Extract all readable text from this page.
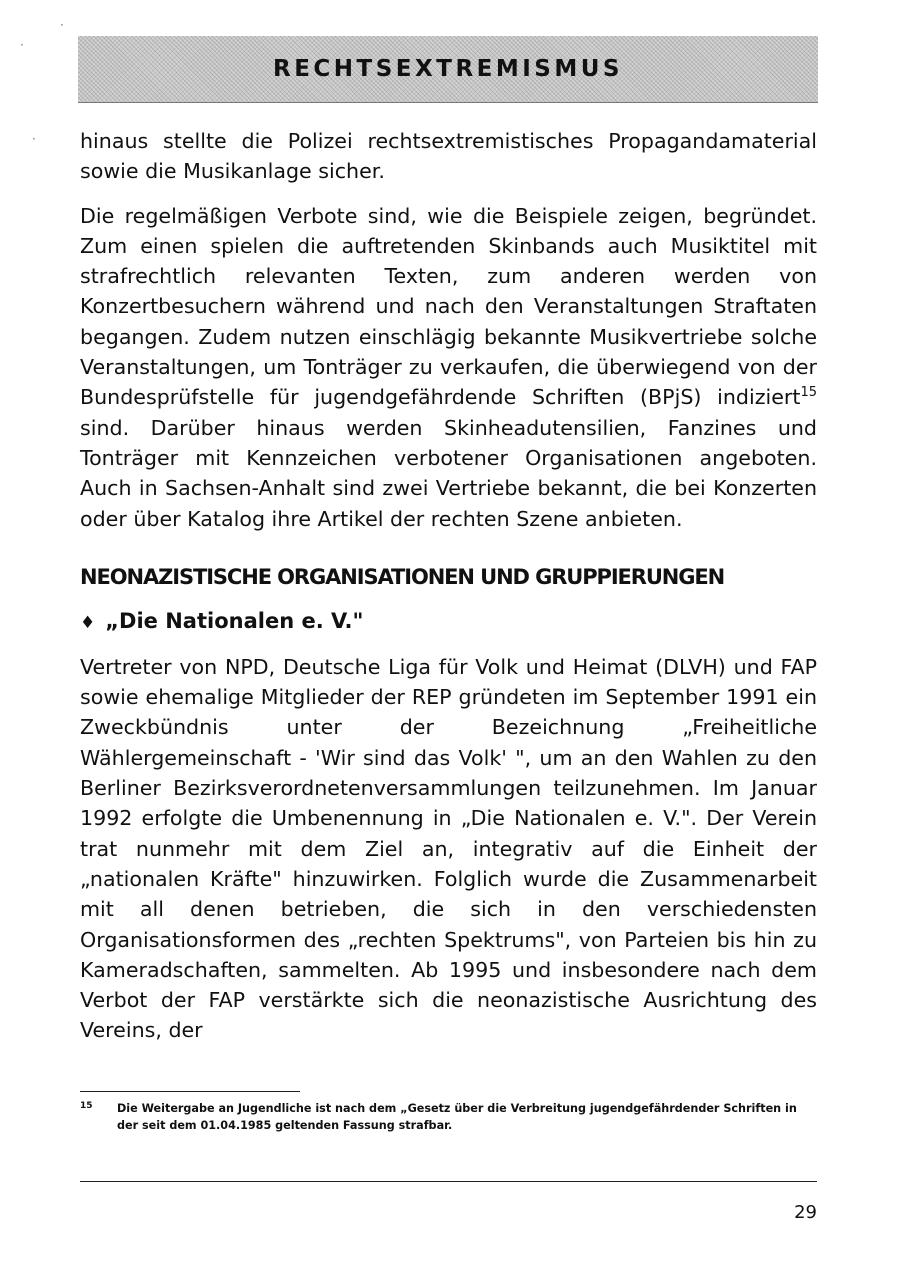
RECHTSEXTREMISMUS
·
·
· hinaus stellte die Polizei rechtsextremistisches Propagandamaterial sowie die Musikanlage sicher.

Die regelmäßigen Verbote sind, wie die Beispiele zeigen, begründet. Zum einen spielen die auftretenden Skinbands auch Musiktitel mit strafrechtlich relevanten Texten, zum anderen werden von Konzertbesuchern während und nach den Veranstaltungen Straftaten begangen. Zudem nutzen einschlägig bekannte Musikvertriebe solche Veranstaltungen, um Tonträger zu verkaufen, die überwiegend von der Bundesprüfstelle für jugendgefährdende Schriften (BPjS) indiziert$^{15}$ sind. Darüber hinaus werden Skinheadutensilien, Fanzines und Tonträger mit Kennzeichen verbotener Organisationen angeboten. Auch in Sachsen-Anhalt sind zwei Vertriebe bekannt, die bei Konzerten oder über Katalog ihre Artikel der rechten Szene anbieten.

NEONAZISTISCHE ORGANISATIONEN UND GRUPPIERUNGEN
♦ „Die Nationalen e. V."

Vertreter von NPD, Deutsche Liga für Volk und Heimat (DLVH) und FAP sowie ehemalige Mitglieder der REP gründeten im September 1991 ein Zweckbündnis unter der Bezeichnung „Freiheitliche Wählergemeinschaft - 'Wir sind das Volk' ", um an den Wahlen zu den Berliner Bezirksverordnetenversammlungen teilzunehmen. Im Januar 1992 erfolgte die Umbenennung in „Die Nationalen e. V.". Der Verein trat nunmehr mit dem Ziel an, integrativ auf die Einheit der „nationalen Kräfte" hinzuwirken. Folglich wurde die Zusammenarbeit mit all denen betrieben, die sich in den verschiedensten Organisationsformen des „rechten Spektrums", von Parteien bis hin zu Kameradschaften, sammelten. Ab 1995 und insbesondere nach dem Verbot der FAP verstärkte sich die neonazistische Ausrichtung des Vereins, der

15 Die Weitergabe an Jugendliche ist nach dem „Gesetz über die Verbreitung jugendgefährdender Schriften in der seit dem 01.04.1985 geltenden Fassung strafbar.
29
